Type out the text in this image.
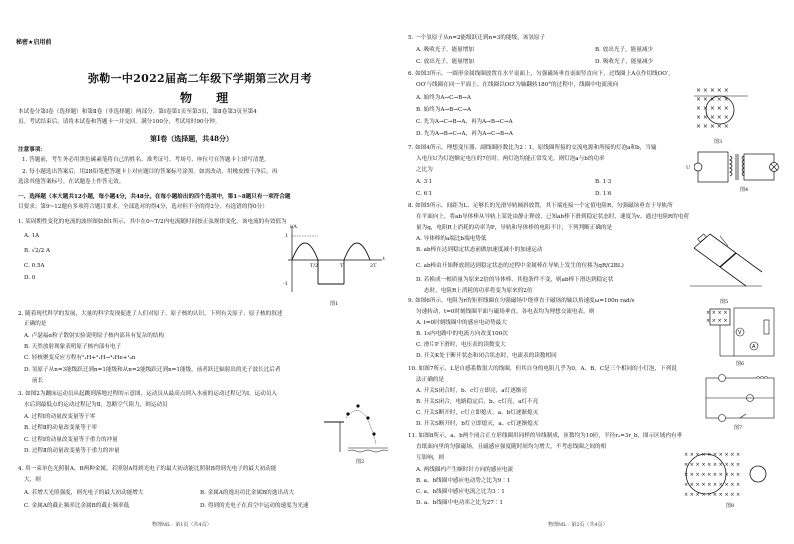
秘密★启用前
弥勒一中2022届高二年级下学期第三次月考
物 理
本试卷分第Ⅰ卷（选择题）和第Ⅱ卷（非选择题）两部分。第Ⅰ卷第1页至第3页，第Ⅱ卷第3页至第4
页。考试结束后，请将本试卷和答题卡一并交回。满分100分，考试用时90分钟。
第Ⅰ卷（选择题，共48分）
注意事项：
1. 答题前，考生务必用黑色碳素笔将自己的姓名、准考证号、考场号、座位号在答题卡上填写清楚。
2. 每小题选出答案后，用2B铅笔把答题卡上对应题目的答案标号涂黑。如需改动，用橡皮擦干净后，再
选涂其他答案标号。在试题卷上作答无效。
一、选择题（本大题共12小题，每小题4分，共48分。在每小题给出的四个选项中，第1~8题只有一项符合题
目要求；第9~12题有多项符合题目要求，全部选对的得4分，选对但不全的得2分，有选错的得0分）
1. 某周期性变化的电流的波形图如图1所示，其中在0~T/2内电流随时间按正弦规律变化，该电流的有效值为
A. 1A
B. √2/2 A
C. 0.5A
D. 0
i/A
1
-1
t
T/2	T	2T
图1
2. 随着现代科学的发展，大量的科学发现促进了人们对原子、原子核的认识，下列有关原子、原子核的叙述
正确的是
A. 卢瑟福α粒子散射实验说明原子核内部具有复杂的结构
B. 天然放射现象表明原子核内部有电子
C. 轻核聚变反应方程有²₁H+³₁H→⁴₂He+¹₀n
D. 氢原子从n=3能级跃迁到n=1能级和从n=2能级跃迁到n=1能级，前者跃迁辐射出的光子波长比后者
前长
3. 如图2为蹦床运动员从起跳到落地过程的示意图，运动员从最高点到入水前的运动过程记为Ⅰ，运动员入
水后到最低点的运动过程记为Ⅱ，忽略空气阻力，则运动员
A. 过程Ⅰ的动量改变量等于零
B. 过程Ⅱ的动量改变量等于零
C. 过程Ⅰ的动量改变量等于重力的冲量
D. 过程Ⅱ的动量改变量等于重力的冲量
图2
4. 用一束单色光照射A、B两种金属，若照射A得到光电子的最大初动能比照射B得到光电子的最大初动能
大，则
A. 若增大光照强度，则光电子的最大初动能增大	B. 金属A的逸出功比金属B的逸出功大
C. 金属A的截止频率比金属B的截止频率低	D. 得到的光电子在真空中运动的速度为光速
物理ML · 第1页（共4页）
5. 一个氢原子从n=2能级跃迁到n=3的能级，该氢原子
A. 吸收光子，能量增加	B. 放出光子，能量减少
C. 放出光子，能量增加	D. 吸收光子，能量减少
6. 如图3所示，一圆形金属线圈放置在水平桌面上，匀强磁场垂直桌面竖直向下，过线圈上A点作切线OO′，
OO′与线圈在同一平面上。在线圈以OO′为轴翻转180°的过程中，线圈中电流流向
A. 始终为A→C→B→A
B. 始终为A→B→C→A
C. 先为A→C→B→A，再为A→B→C→A
D. 先为A→B→C→A，再为A→C→B→A
× × × × ×
× × × × ×
× × × × ×
× × × × ×
× × × × ×
图3
7. 如图4所示，理想变压器、副线圈匝数比为2∶1，原线圈所接的交流电源和所接的灯泡a和b，当输
入电压U为灯泡额定电压的7倍时，两灯泡均能正常发光。则灯泡a与b的功率
之比为
A. 3∶1	B. 1∶3
C. 6∶1	D. 1∶6
U
图4
8. 如图5所示，间距为L、足够长的光滑导轨倾斜放置，其下端连接一个定值电阻R，匀强磁场垂直于导轨所
在平面向上，将ab导体棒从导轨上某处由静止释放，已知ab棒下滑到稳定状态时，速度为v，通过电阻R的电荷
量为q，电阻R上消耗的功率为P，导轨和导体棒的电阻不计，下列判断正确的是
A. 导体棒的a端比b端电势低
B. ab棒在达到稳定状态前做加速度减小的加速运动
C. ab棒由开始释放到达到稳定状态的过程中金属棒在导轨上发生的位移为qR/(2BL)
D. 若换成一根质量为原来2倍的导体棒，其他条件不变，则ab棒下滑达到稳定状
态时，电阻R上消耗的功率将变为原来的2倍
图5
9. 如图6所示，电阻为r的矩形线圈在匀强磁场中绕垂直于磁场的轴以角速度ω=100π rad/s
匀速转动，t=0时刻线圈平面与磁场垂直，各电表均为理想交流电表，则
A. t=0时刻线圈中的感应电动势最大
B. 1s内电路中的电流方向改变100次
C. 滑片P下滑时，电压表的读数变大
D. 开关K处于断开状态和闭合状态时，电流表的读数相同
× × × ×
× × × ×
V
A
图6
10. 如图7所示，L是自感系数很大的线圈，但其自身的电阻几乎为0，A、B、C是三个相同的小灯泡，下列说
法正确的是
A. 开关S闭合时，b、c灯立即亮，a灯逐渐亮
B. 开关S闭合，电路稳定后，b、c灯亮，a灯不亮
C. 开关S断开时，c灯立即熄灭，a、b灯逐渐熄灭
D. 开关S断开时，b灯立即熄灭，a、c灯逐渐熄灭
图7
11. 如图8所示，a、b两个闭合正方形线圈用同样的导线制成，匝数均为10匝，半径rₐ=3r_b，图示区域内有垂
直纸面向里的匀强磁场，且磁感应强度随时间均匀增大，不考虑线圈之间的相
互影响，则
A. 两线圈内产生顺时针方向的感应电流
B. a、b线圈中感应电动势之比为9∶1
C. a、b线圈中感应电流之比为3∶1
D. a、b线圈中电功率之比为27∶1
× × × × × × × × × ×
× × × × × × × × × ×
× × × × × × × × × ×
× × × × × × × × × ×
× × × × × × × × × ×
图8
物理ML · 第2页（共4页）
